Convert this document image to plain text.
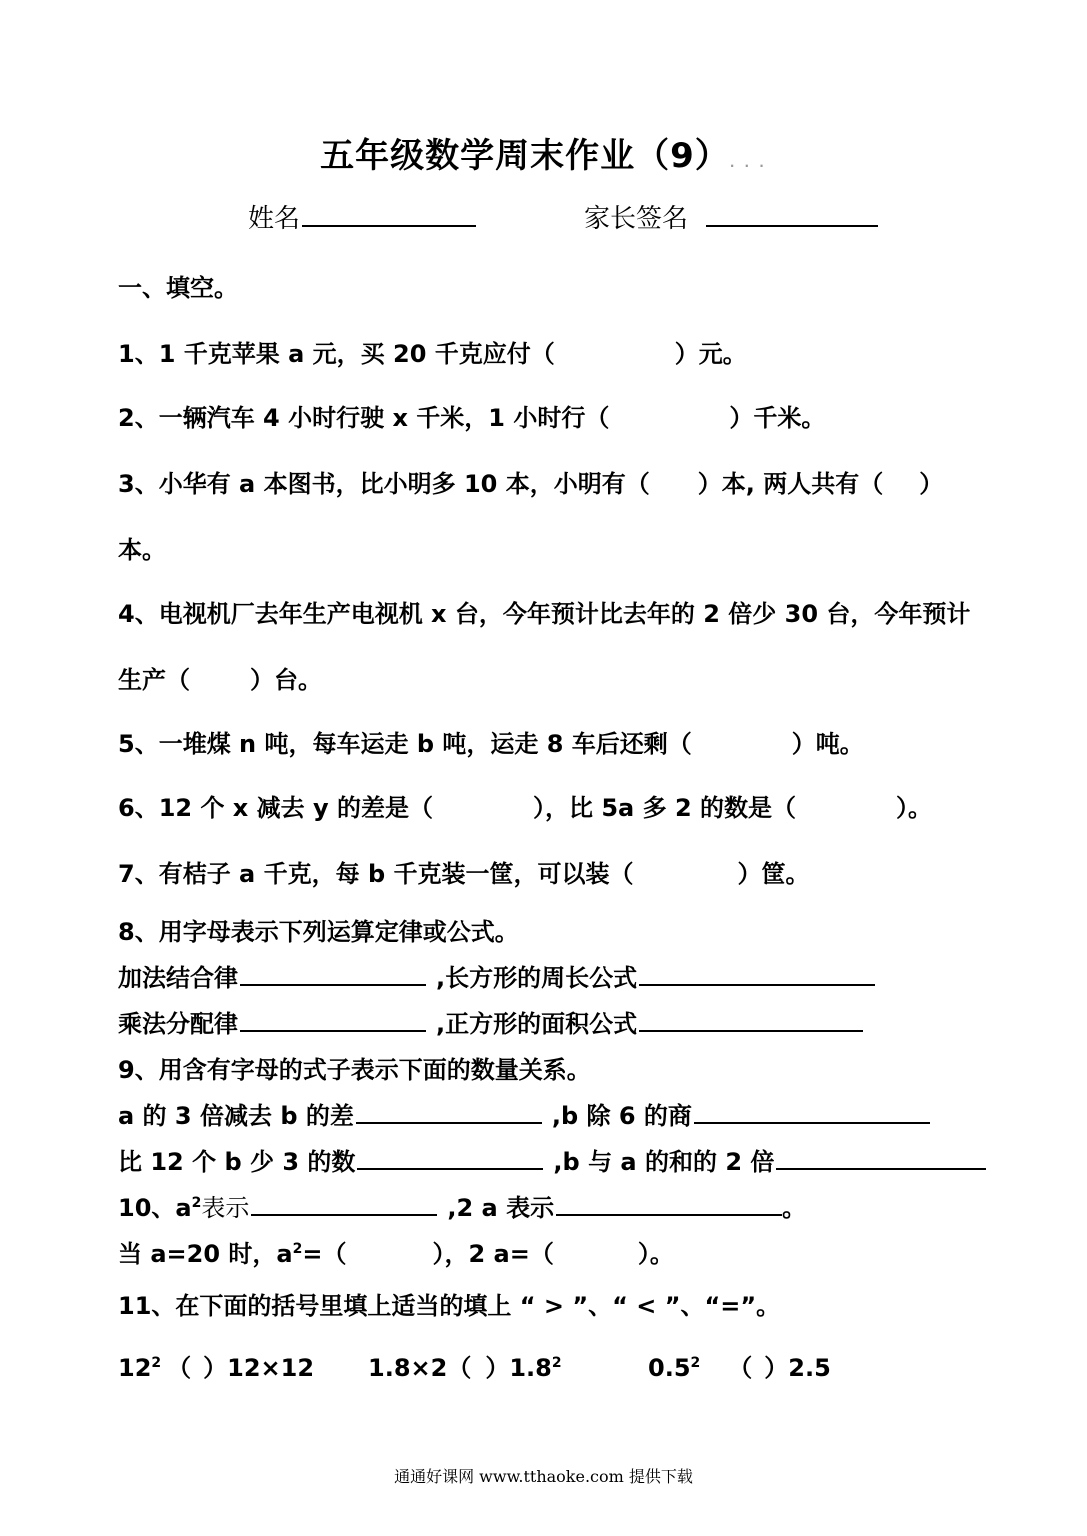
五年级数学周末作业（9）. . .
姓名	家长签名
一、填空。
1、1 千克苹果 a 元，买 20 千克应付（	）元。
2、一辆汽车 4 小时行驶 x 千米，1 小时行（	）千米。
3、小华有 a 本图书，比小明多 10 本，小明有（ ）本, 两人共有（ ）
本。
4、电视机厂去年生产电视机 x 台，今年预计比去年的 2 倍少 30 台，今年预计
生产（	）台。
5、一堆煤 n 吨，每车运走 b 吨，运走 8 车后还剩（	）吨。
6、12 个 x 减去 y 的差是（	），比 5a 多 2 的数是（	）。
7、有桔子 a 千克，每 b 千克装一筐，可以装（	）筐。
8、用字母表示下列运算定律或公式。
加法结合律	,长方形的周长公式
乘法分配律	,正方形的面积公式
9、用含有字母的式子表示下面的数量关系。
a 的 3 倍减去 b 的差	,b 除 6 的商
比 12 个 b 少 3 的数	,b 与 a 的和的 2 倍
10、$a^2$表示	,2 a 表示	。
当 a=20 时，$a^2=$（	），2 a=（	）。
11、在下面的括号里填上适当的填上 “ > ”、“ < ”、“=”。
$12^2$ （ ）12×12 1.8×2（ ）$1.8^2$	$0.5^2$ （ ）2.5
通通好课网 www.tthaoke.com 提供下载
